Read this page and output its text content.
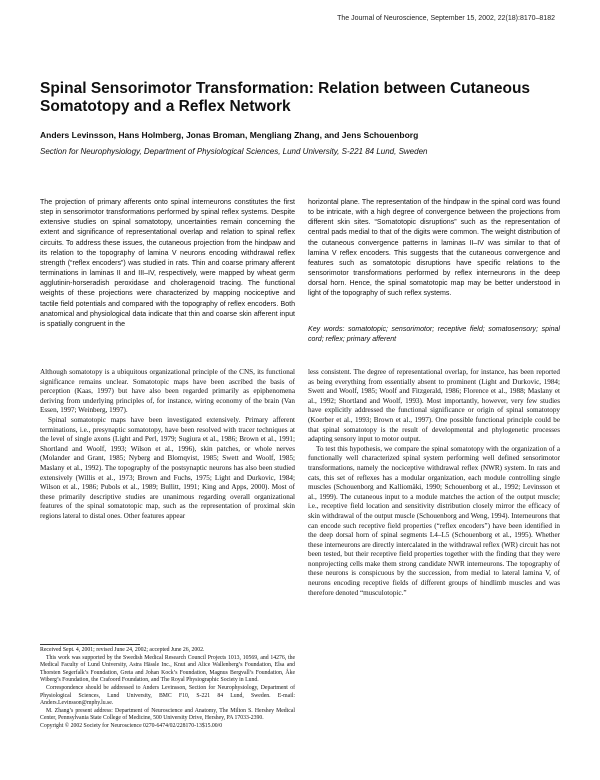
The Journal of Neuroscience, September 15, 2002, 22(18):8170–8182
Spinal Sensorimotor Transformation: Relation between Cutaneous Somatotopy and a Reflex Network

Anders Levinsson, Hans Holmberg, Jonas Broman, Mengliang Zhang, and Jens Schouenborg

Section for Neurophysiology, Department of Physiological Sciences, Lund University, S-221 84 Lund, Sweden

The projection of primary afferents onto spinal interneurons constitutes the first step in sensorimotor transformations performed by spinal reflex systems. Despite extensive studies on spinal somatotopy, uncertainties remain concerning the extent and significance of representational overlap and relation to spinal reflex circuits. To address these issues, the cutaneous projection from the hindpaw and its relation to the topography of lamina V neurons encoding withdrawal reflex strength (“reflex encoders”) was studied in rats. Thin and coarse primary afferent terminations in laminas II and III–IV, respectively, were mapped by wheat germ agglutinin-horseradish peroxidase and choleragenoid tracing. The functional weights of these projections were characterized by mapping nociceptive and tactile field potentials and compared with the topography of reflex encoders. Both anatomical and physiological data indicate that thin and coarse skin afferent input is spatially congruent in the

horizontal plane. The representation of the hindpaw in the spinal cord was found to be intricate, with a high degree of convergence between the projections from different skin sites. “Somatotopic disruptions” such as the representation of central pads medial to that of the digits were common. The weight distribution of the cutaneous convergence patterns in laminas II–IV was similar to that of lamina V reflex encoders. This suggests that the cutaneous convergence and features such as somatotopic disruptions have specific relations to the sensorimotor transformations performed by reflex interneurons in the deep dorsal horn. Hence, the spinal somatotopic map may be better understood in light of the topography of such reflex systems.

Key words: somatotopic; sensorimotor; receptive field; somatosensory; spinal cord; reflex; primary afferent

Although somatotopy is a ubiquitous organizational principle of the CNS, its functional significance remains unclear. Somatotopic maps have been ascribed the basis of perception (Kaas, 1997) but have also been regarded primarily as epiphenomena deriving from underlying principles of, for instance, wiring economy of the brain (Van Essen, 1997; Weinberg, 1997).

Spinal somatotopic maps have been investigated extensively. Primary afferent terminations, i.e., presynaptic somatotopy, have been resolved with tracer techniques at the level of single axons (Light and Perl, 1979; Sugiura et al., 1986; Brown et al., 1991; Shortland and Woolf, 1993; Wilson et al., 1996), skin patches, or whole nerves (Molander and Grant, 1985; Nyberg and Blomqvist, 1985; Swett and Woolf, 1985; Maslany et al., 1992). The topography of the postsynaptic neurons has also been studied extensively (Willis et al., 1973; Brown and Fuchs, 1975; Light and Durkovic, 1984; Wilson et al., 1986; Pubols et al., 1989; Bullitt, 1991; King and Apps, 2000). Most of these primarily descriptive studies are unanimous regarding overall organizational features of the spinal somatotopic map, such as the representation of proximal skin regions lateral to distal ones. Other features appear

less consistent. The degree of representational overlap, for instance, has been reported as being everything from essentially absent to prominent (Light and Durkovic, 1984; Swett and Woolf, 1985; Woolf and Fitzgerald, 1986; Florence et al., 1988; Maslany et al., 1992; Shortland and Woolf, 1993). Most importantly, however, very few studies have explicitly addressed the functional significance or origin of spinal somatotopy (Koerber et al., 1993; Brown et al., 1997). One possible functional principle could be that spinal somatotopy is the result of developmental and phylogenetic processes adapting sensory input to motor output.

To test this hypothesis, we compare the spinal somatotopy with the organization of a functionally well characterized spinal system performing well defined sensorimotor transformations, namely the nociceptive withdrawal reflex (NWR) system. In rats and cats, this set of reflexes has a modular organization, each module controlling single muscles (Schouenborg and Kalliomäki, 1990; Schouenborg et al., 1992; Levinsson et al., 1999). The cutaneous input to a module matches the action of the output muscle; i.e., receptive field location and sensitivity distribution closely mirror the efficacy of skin withdrawal of the output muscle (Schouenborg and Weng, 1994). Interneurons that can encode such receptive field properties (“reflex encoders”) have been identified in the deep dorsal horn of spinal segments L4–L5 (Schouenborg et al., 1995). Whether these interneurons are directly intercalated in the withdrawal reflex (WR) circuit has not been tested, but their receptive field properties together with the finding that they were nonprojecting cells make them strong candidate NWR interneurons. The topography of these neurons is conspicuous by the succession, from medial to lateral lamina V, of neurons encoding receptive fields of different groups of hindlimb muscles and was therefore denoted “musculotopic.”

Received Sept. 4, 2001; revised June 24, 2002; accepted June 26, 2002.

This work was supported by the Swedish Medical Research Council Projects 1013, 10569, and 14276, the Medical Faculty of Lund University, Astra Hässle Inc., Knut and Alice Wallenberg’s Foundation, Elsa and Thorsten Segerfalk’s Foundation, Greta and Johan Kock’s Foundation, Magnus Bergvall’s Foundation, Åke Wiberg’s Foundation, the Crafoord Foundation, and The Royal Physiographic Society in Lund.

Correspondence should be addressed to Anders Levinsson, Section for Neurophysiology, Department of Physiological Sciences, Lund University, BMC F10, S-221 84 Lund, Sweden. E-mail: Anders.Levinsson@mphy.lu.se.

M. Zhang’s present address: Department of Neuroscience and Anatomy, The Milton S. Hershey Medical Center, Pennsylvania State College of Medicine, 500 University Drive, Hershey, PA 17033-2390.

Copyright © 2002 Society for Neuroscience 0270-6474/02/228170-13$15.00/0
